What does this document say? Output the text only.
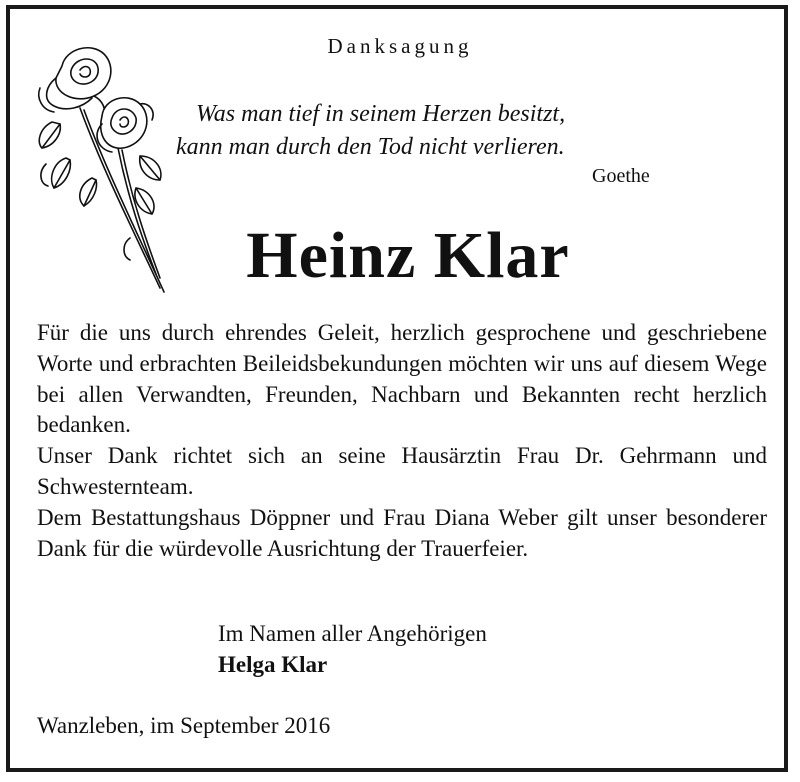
Danksagung
Was man tief in seinem Herzen besitzt,
kann man durch den Tod nicht verlieren.
Goethe
Heinz Klar

Für die uns durch ehrendes Geleit, herzlich gesprochene und geschriebene Worte und erbrachten Beileidsbekundungen möchten wir uns auf diesem Wege bei allen Verwandten, Freunden, Nachbarn und Bekannten recht herzlich bedanken.

Unser Dank richtet sich an seine Hausärztin Frau Dr. Gehrmann und Schwesternteam.

Dem Bestattungshaus Döppner und Frau Diana Weber gilt unser besonderer Dank für die würdevolle Ausrichtung der Trauerfeier.

Im Namen aller Angehörigen
Helga Klar
Wanzleben, im September 2016
